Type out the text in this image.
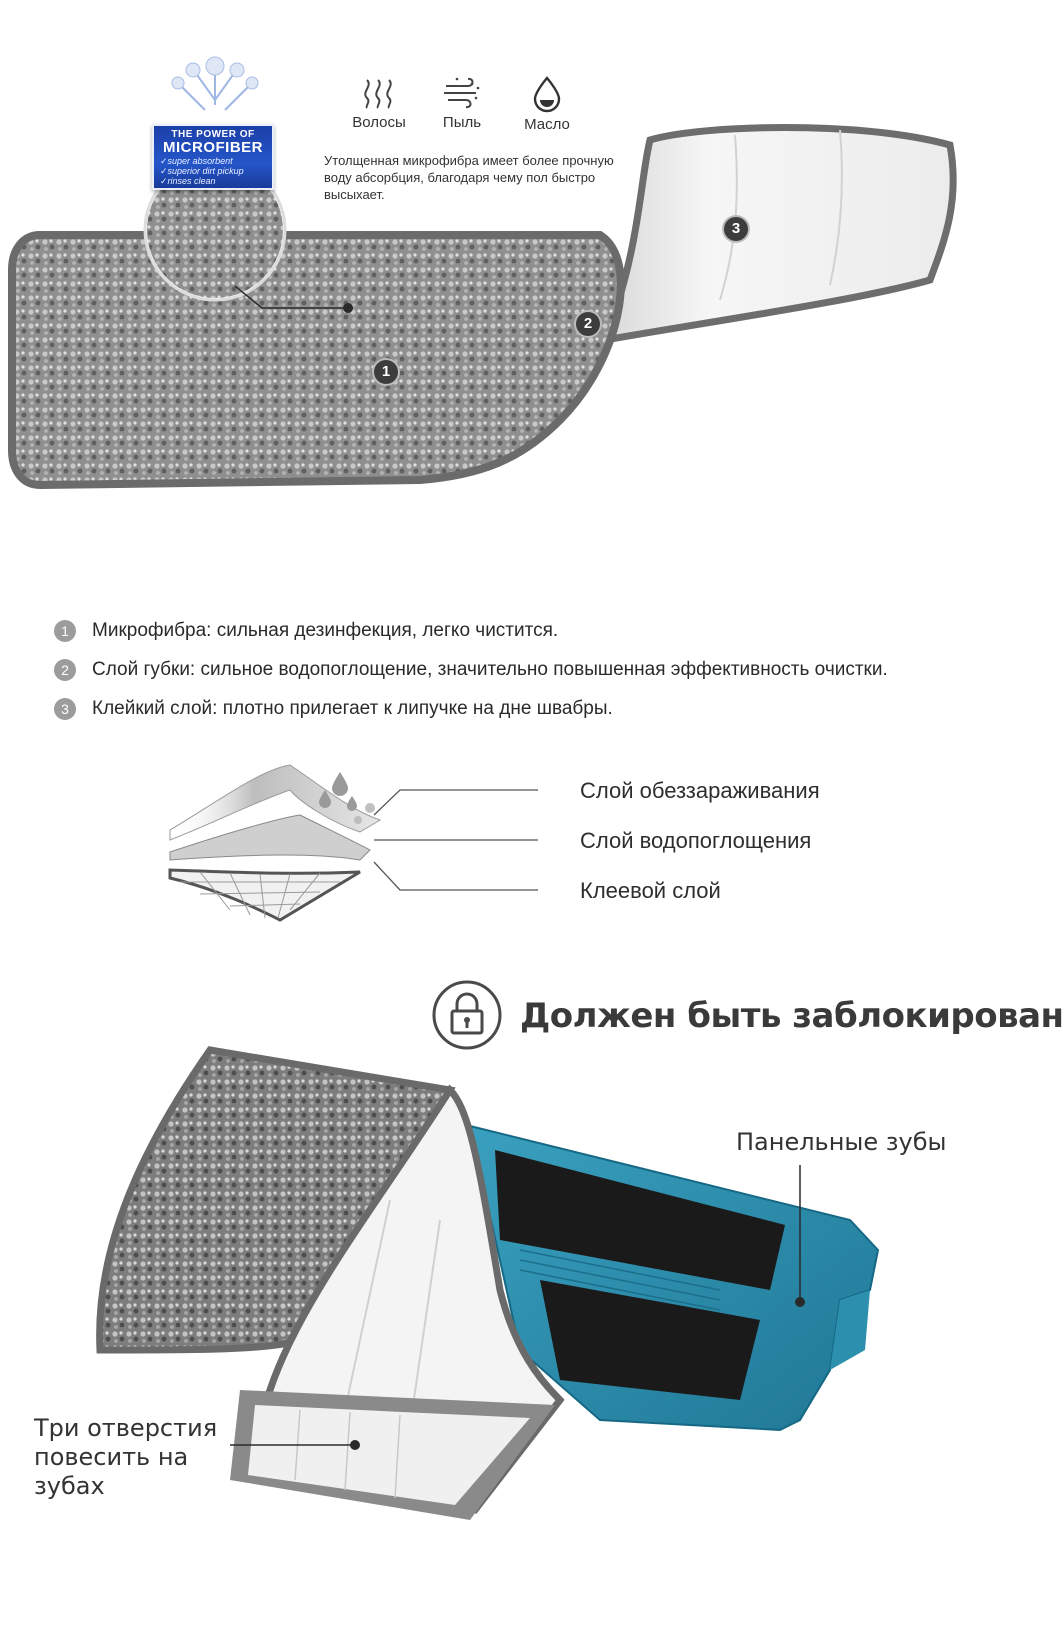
THE POWER OF
MICROFIBER
✓super absorbent
✓superior dirt pickup
✓rinses clean
Волосы	Пыль	Масло
Утолщенная микрофибра имеет более прочную воду абсорбция, благодаря чему пол быстро высыхает.
1
2
3
1	Микрофибра: сильная дезинфекция, легко чистится.
2	Слой губки: сильное водопоглощение, значительно повышенная эффективность очистки.
3	Клейкий слой: плотно прилегает к липучке на дне швабры.
Слой обеззараживания
Слой водопоглощения
Клеевой слой
Должен быть заблокирован
Панельные зубы
Три отверстия повесить на зубах
